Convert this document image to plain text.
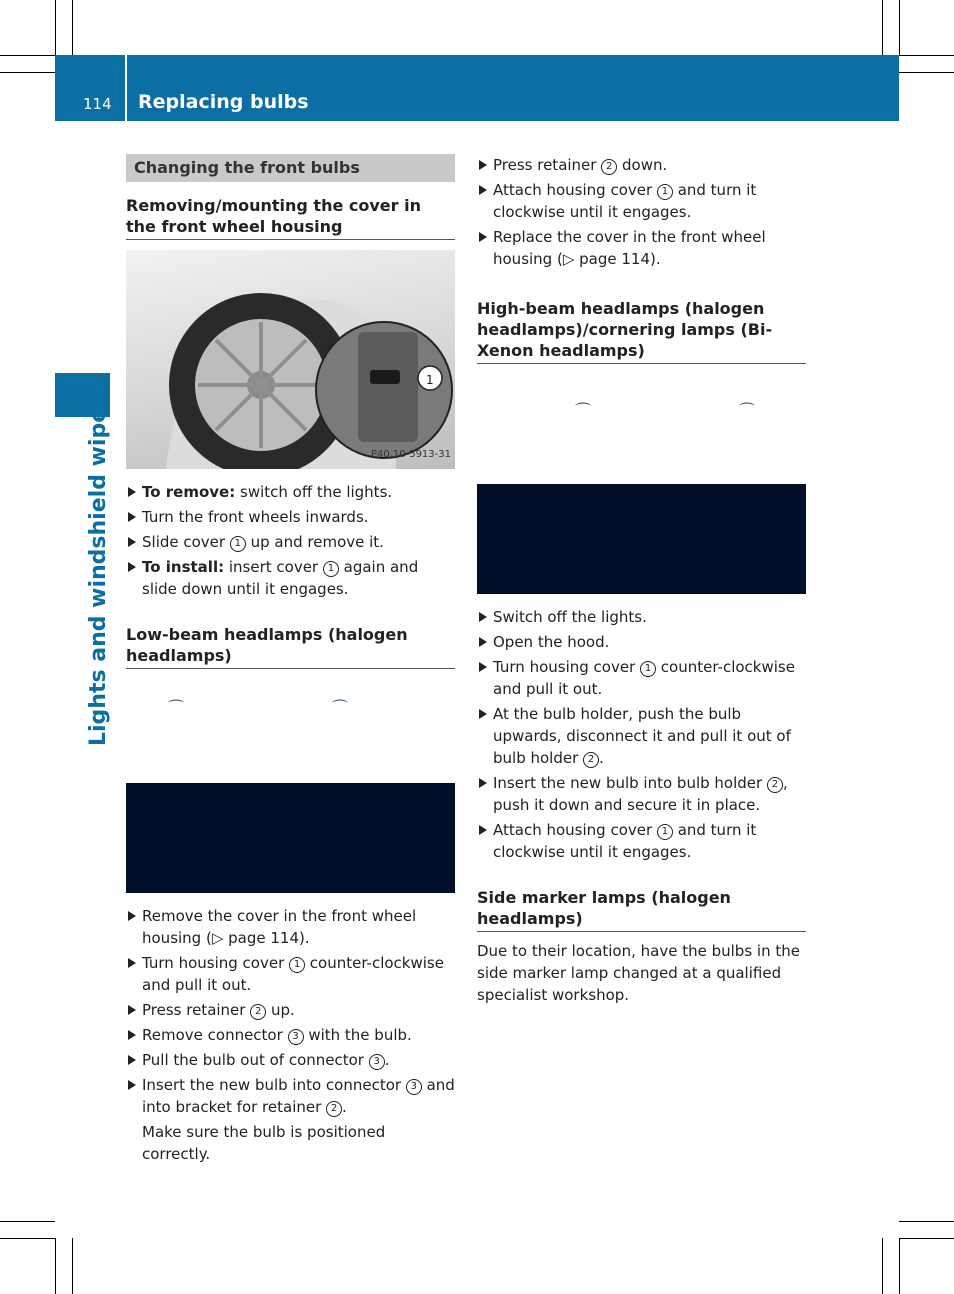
114 Replacing bulbs
Lights and windshield wipers
Changing the front bulbs
Removing/mounting the cover in the front wheel housing
1
P40.10-5913-31
To remove: switch off the lights.
Turn the front wheels inwards.
Slide cover 1 up and remove it.
To install: insert cover 1 again and slide down until it engages.
Low-beam headlamps (halogen headlamps)
⌒	⌒
Remove the cover in the front wheel housing (▷ page 114).
Turn housing cover 1 counter-clockwise and pull it out.
Press retainer 2 up.
Remove connector 3 with the bulb.
Pull the bulb out of connector 3 .
Insert the new bulb into connector 3 and into bracket for retainer 2 .
Make sure the bulb is positioned correctly.
Press retainer 2 down.
Attach housing cover 1 and turn it clockwise until it engages.
Replace the cover in the front wheel housing (▷ page 114).
High-beam headlamps (halogen headlamps)/cornering lamps (Bi-Xenon headlamps)
⌒	⌒
Switch off the lights.
Open the hood.
Turn housing cover 1 counter-clockwise and pull it out.
At the bulb holder, push the bulb upwards, disconnect it and pull it out of bulb holder 2 .
Insert the new bulb into bulb holder 2 , push it down and secure it in place.
Attach housing cover 1 and turn it clockwise until it engages.
Side marker lamps (halogen headlamps)

Due to their location, have the bulbs in the side marker lamp changed at a qualified specialist workshop.
